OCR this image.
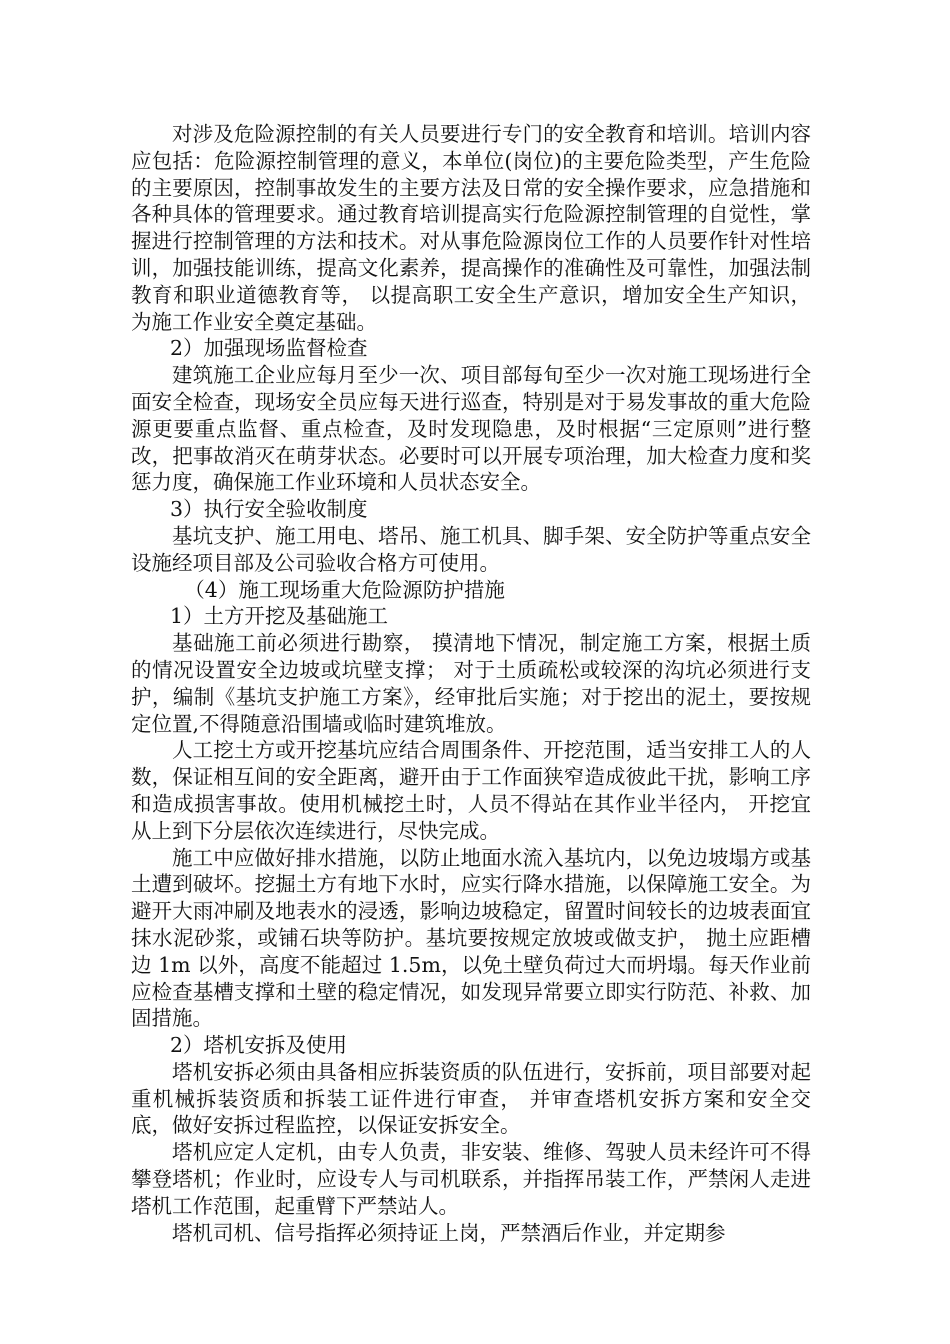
对涉及危险源控制的有关人员要进行专门的安全教育和培训。培训内容应包括：危险源控制管理的意义，本单位(岗位)的主要危险类型，产生危险的主要原因，控制事故发生的主要方法及日常的安全操作要求，应急措施和各种具体的管理要求。通过教育培训提高实行危险源控制管理的自觉性，掌握进行控制管理的方法和技术。对从事危险源岗位工作的人员要作针对性培训，加强技能训练，提高文化素养，提高操作的准确性及可靠性，加强法制教育和职业道德教育等， 以提高职工安全生产意识，增加安全生产知识，为施工作业安全奠定基础。

2）加强现场监督检查

建筑施工企业应每月至少一次、项目部每旬至少一次对施工现场进行全面安全检查，现场安全员应每天进行巡查，特别是对于易发事故的重大危险源更要重点监督、重点检查，及时发现隐患，及时根据“三定原则”进行整改，把事故消灭在萌芽状态。必要时可以开展专项治理，加大检查力度和奖惩力度，确保施工作业环境和人员状态安全。

3）执行安全验收制度

基坑支护、施工用电、塔吊、施工机具、脚手架、安全防护等重点安全设施经项目部及公司验收合格方可使用。

（4）施工现场重大危险源防护措施

1）土方开挖及基础施工

基础施工前必须进行勘察， 摸清地下情况，制定施工方案，根据土质的情况设置安全边坡或坑壁支撑； 对于土质疏松或较深的沟坑必须进行支护，编制《基坑支护施工方案》，经审批后实施；对于挖出的泥土，要按规定位置,不得随意沿围墙或临时建筑堆放。

人工挖土方或开挖基坑应结合周围条件、开挖范围，适当安排工人的人数，保证相互间的安全距离，避开由于工作面狭窄造成彼此干扰，影响工序和造成损害事故。使用机械挖土时，人员不得站在其作业半径内， 开挖宜从上到下分层依次连续进行，尽快完成。

施工中应做好排水措施，以防止地面水流入基坑内，以免边坡塌方或基土遭到破坏。挖掘土方有地下水时，应实行降水措施，以保障施工安全。为避开大雨冲刷及地表水的浸透，影响边坡稳定，留置时间较长的边坡表面宜抹水泥砂浆，或铺石块等防护。基坑要按规定放坡或做支护， 抛土应距槽边 1m 以外，高度不能超过 1.5m，以免土壁负荷过大而坍塌。每天作业前应检查基槽支撑和土壁的稳定情况，如发现异常要立即实行防范、补救、加固措施。

2）塔机安拆及使用

塔机安拆必须由具备相应拆装资质的队伍进行，安拆前，项目部要对起重机械拆装资质和拆装工证件进行审查， 并审查塔机安拆方案和安全交底，做好安拆过程监控，以保证安拆安全。

塔机应定人定机，由专人负责，非安装、维修、驾驶人员未经许可不得攀登塔机；作业时，应设专人与司机联系，并指挥吊装工作，严禁闲人走进塔机工作范围，起重臂下严禁站人。

塔机司机、信号指挥必须持证上岗，严禁酒后作业，并定期参
